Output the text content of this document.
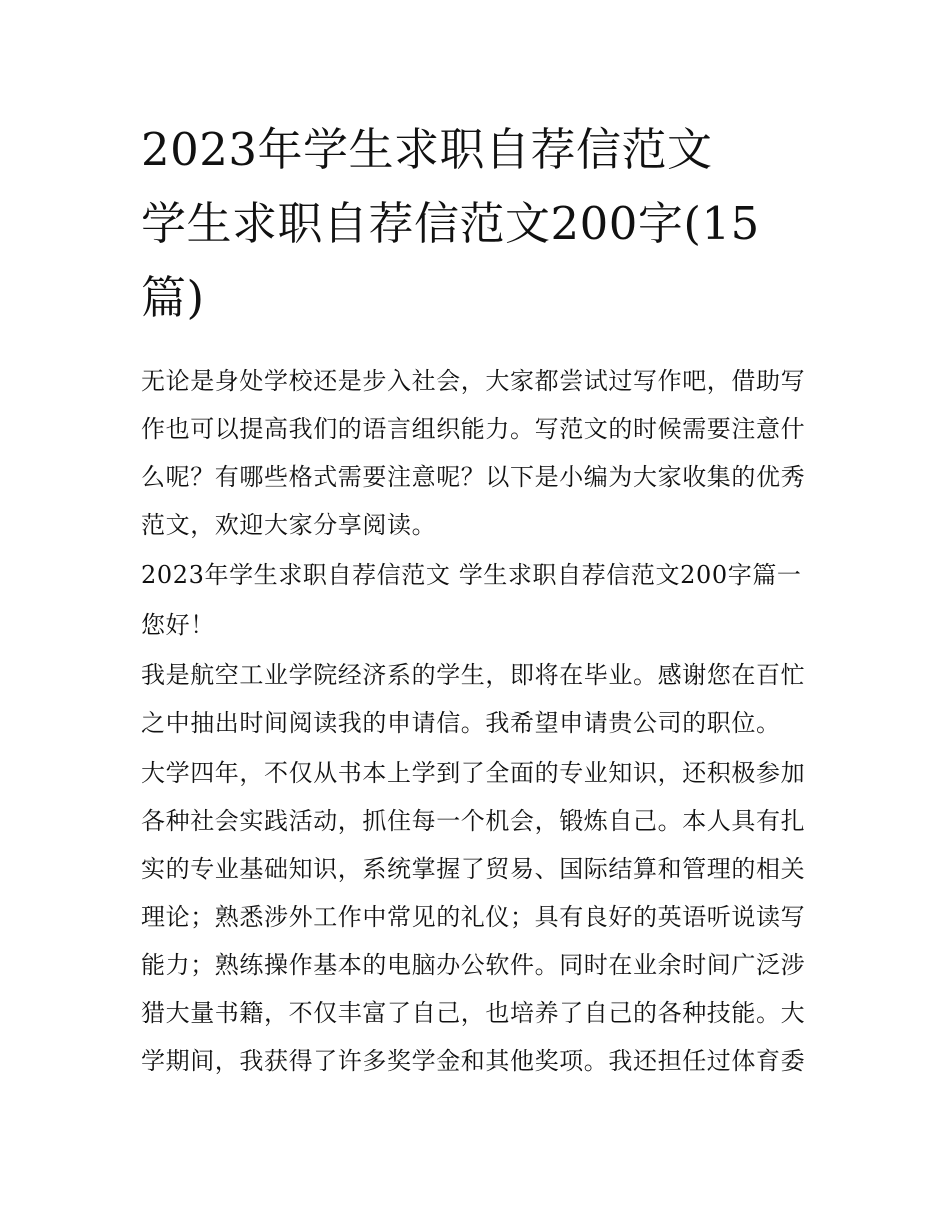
2023年学生求职自荐信范文
学生求职自荐信范文200字(15
篇)

无论是身处学校还是步入社会，大家都尝试过写作吧，借助写
作也可以提高我们的语言组织能力。写范文的时候需要注意什
么呢？有哪些格式需要注意呢？以下是小编为大家收集的优秀
范文，欢迎大家分享阅读。

2023年学生求职自荐信范文 学生求职自荐信范文200字篇一

您好！

我是航空工业学院经济系的学生，即将在毕业。感谢您在百忙
之中抽出时间阅读我的申请信。我希望申请贵公司的职位。

大学四年，不仅从书本上学到了全面的专业知识，还积极参加
各种社会实践活动，抓住每一个机会，锻炼自己。本人具有扎
实的专业基础知识，系统掌握了贸易、国际结算和管理的相关
理论；熟悉涉外工作中常见的礼仪；具有良好的英语听说读写
能力；熟练操作基本的电脑办公软件。同时在业余时间广泛涉
猎大量书籍，不仅丰富了自己，也培养了自己的各种技能。大
学期间，我获得了许多奖学金和其他奖项。我还担任过体育委
